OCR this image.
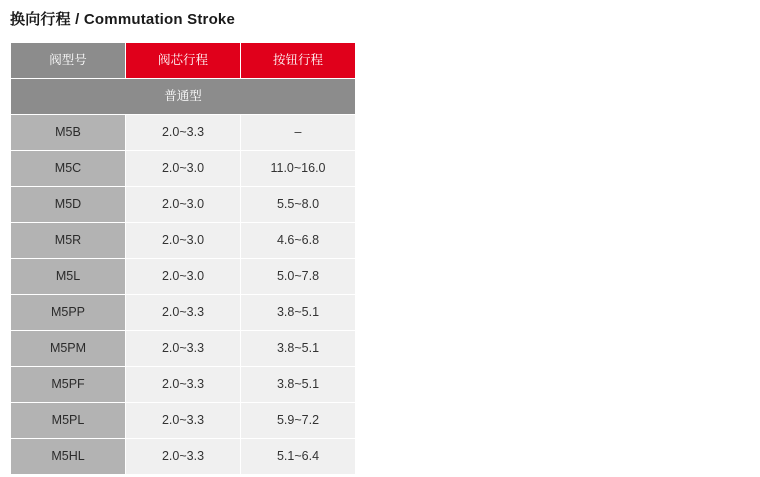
换向行程 / Commutation Stroke
阀型号	阀芯行程	按钮行程
普通型		
M5B	2.0~3.3	–
M5C	2.0~3.0	11.0~16.0
M5D	2.0~3.0	5.5~8.0
M5R	2.0~3.0	4.6~6.8
M5L	2.0~3.0	5.0~7.8
M5PP	2.0~3.3	3.8~5.1
M5PM	2.0~3.3	3.8~5.1
M5PF	2.0~3.3	3.8~5.1
M5PL	2.0~3.3	5.9~7.2
M5HL	2.0~3.3	5.1~6.4
